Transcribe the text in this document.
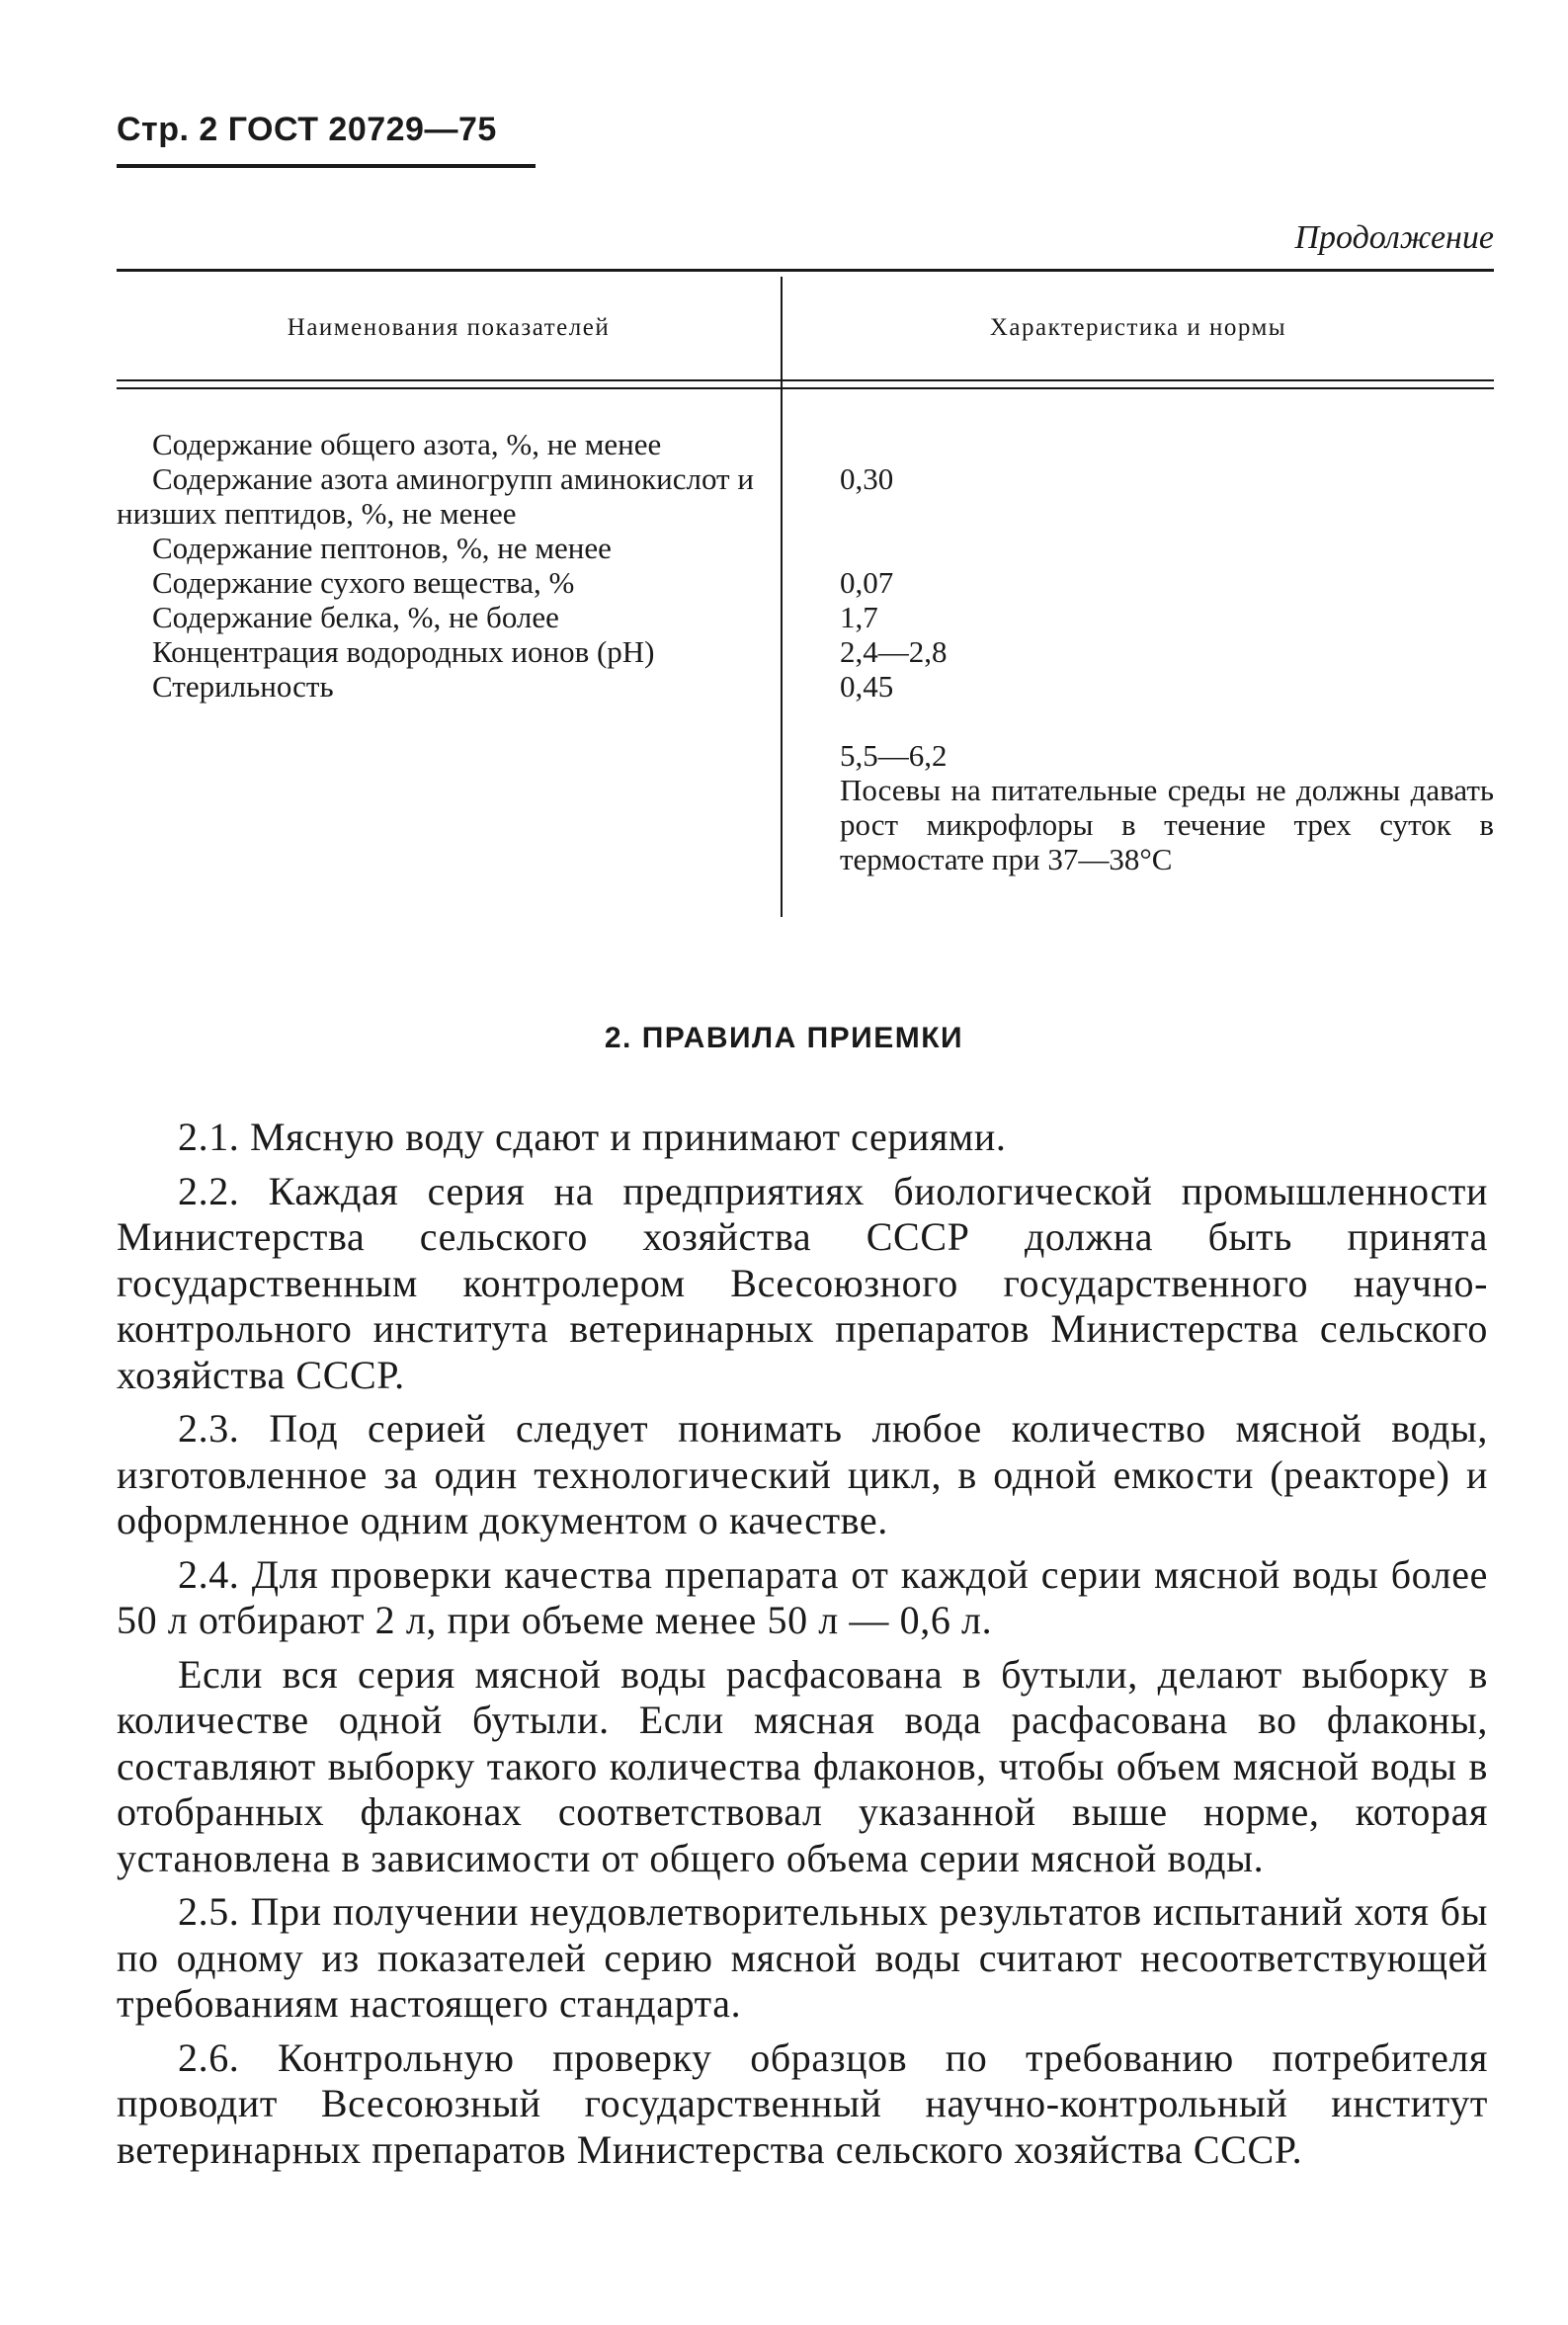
Стр. 2 ГОСТ 20729—75
Продолжение
Наименования показателей	Характеристика и нормы

Содержание общего азота, %, не менее

Содержание азота аминогрупп аминокислот и низших пептидов, %, не менее

Содержание пептонов, %, не менее

Содержание сухого вещества, %

Содержание белка, %, не более

Концентрация водородных ионов (pH)

Стерильность

0,30

0,07

1,7

2,4—2,8

0,45

5,5—6,2

Посевы на питательные среды не должны давать рост микрофлоры в течение трех суток в термостате при 37—38°C

2. ПРАВИЛА ПРИЕМКИ

2.1. Мясную воду сдают и принимают сериями.

2.2. Каждая серия на предприятиях биологической промышленности Министерства сельского хозяйства СССР должна быть принята государственным контролером Всесоюзного государственного научно-контрольного института ветеринарных препаратов Министерства сельского хозяйства СССР.

2.3. Под серией следует понимать любое количество мясной воды, изготовленное за один технологический цикл, в одной емкости (реакторе) и оформленное одним документом о качестве.

2.4. Для проверки качества препарата от каждой серии мясной воды более 50 л отбирают 2 л, при объеме менее 50 л — 0,6 л.

Если вся серия мясной воды расфасована в бутыли, делают выборку в количестве одной бутыли. Если мясная вода расфасована во флаконы, составляют выборку такого количества флаконов, чтобы объем мясной воды в отобранных флаконах соответствовал указанной выше норме, которая установлена в зависимости от общего объема серии мясной воды.

2.5. При получении неудовлетворительных результатов испытаний хотя бы по одному из показателей серию мясной воды считают несоответствующей требованиям настоящего стандарта.

2.6. Контрольную проверку образцов по требованию потребителя проводит Всесоюзный государственный научно-контрольный институт ветеринарных препаратов Министерства сельского хозяйства СССР.
